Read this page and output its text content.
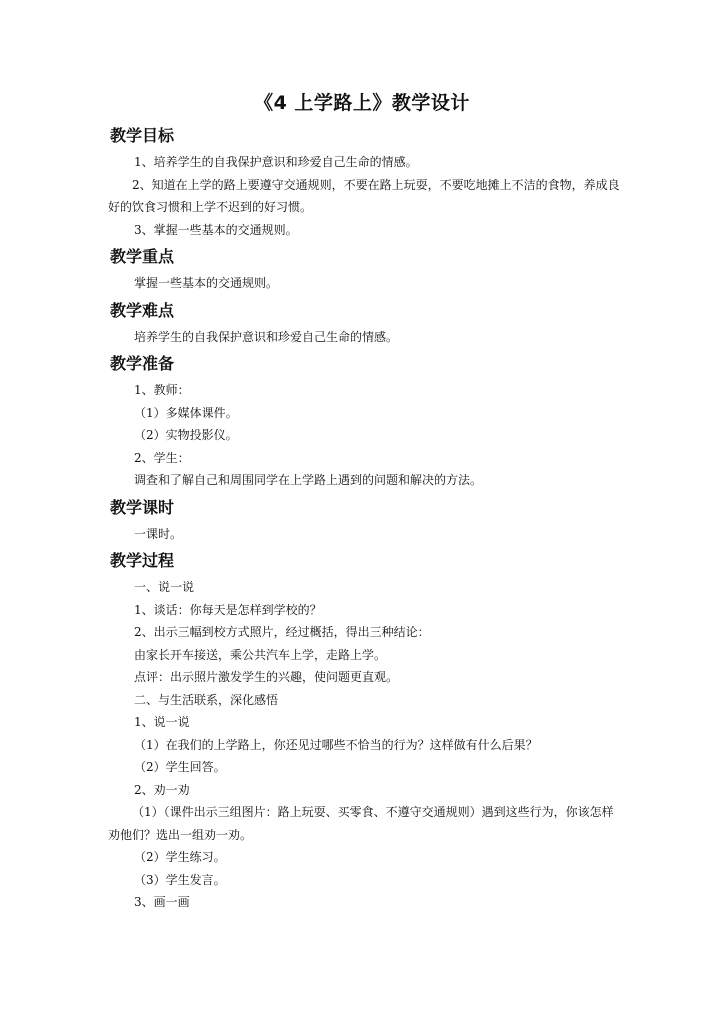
《4 上学路上》教学设计
教学目标
1、培养学生的自我保护意识和珍爱自己生命的情感。
2、知道在上学的路上要遵守交通规则，不要在路上玩耍，不要吃地摊上不洁的食物，养成良好的饮食习惯和上学不迟到的好习惯。
3、掌握一些基本的交通规则。
教学重点
掌握一些基本的交通规则。
教学难点
培养学生的自我保护意识和珍爱自己生命的情感。
教学准备
1、教师：
（1）多媒体课件。
（2）实物投影仪。
2、学生：
调查和了解自己和周围同学在上学路上遇到的问题和解决的方法。
教学课时
一课时。
教学过程
一、说一说
1、谈话：你每天是怎样到学校的？
2、出示三幅到校方式照片，经过概括，得出三种结论：
由家长开车接送，乘公共汽车上学，走路上学。
点评：出示照片激发学生的兴趣，使问题更直观。
二、与生活联系，深化感悟
1、说一说
（1）在我们的上学路上，你还见过哪些不恰当的行为？这样做有什么后果？
（2）学生回答。
2、劝一劝
（1）（课件出示三组图片：路上玩耍、买零食、不遵守交通规则）遇到这些行为，你该怎样劝他们？选出一组劝一劝。
（2）学生练习。
（3）学生发言。
3、画一画
